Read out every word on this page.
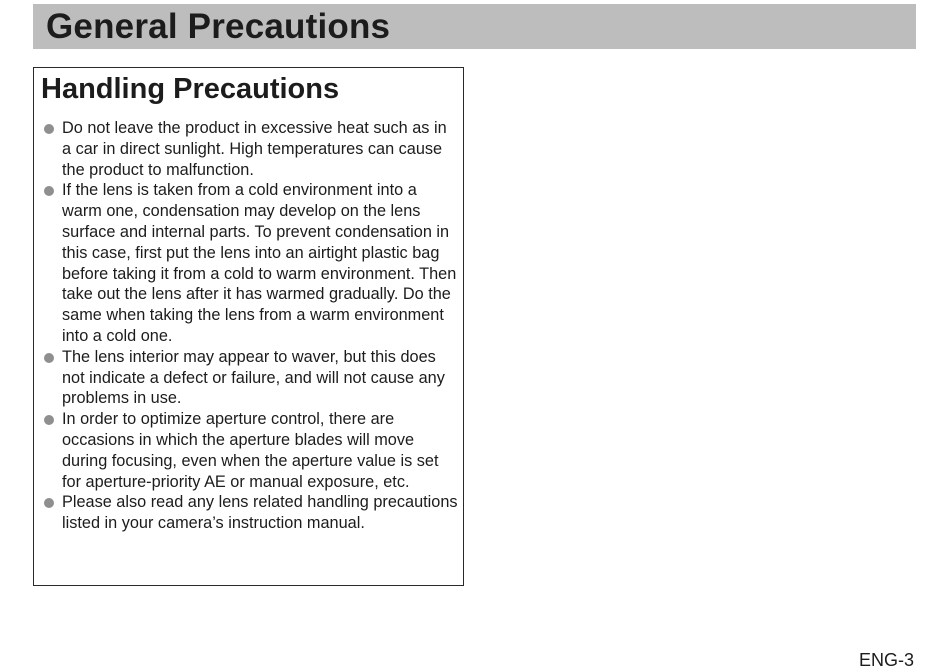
General Precautions
Handling Precautions
Do not leave the product in excessive heat such as in a car in direct sunlight. High temperatures can cause the product to malfunction.
If the lens is taken from a cold environment into a warm one, condensation may develop on the lens surface and internal parts. To prevent condensation in this case, first put the lens into an airtight plastic bag before taking it from a cold to warm environment. Then take out the lens after it has warmed gradually. Do the same when taking the lens from a warm environment into a cold one.
The lens interior may appear to waver, but this does not indicate a defect or failure, and will not cause any problems in use.
In order to optimize aperture control, there are occasions in which the aperture blades will move during focusing, even when the aperture value is set for aperture-priority AE or manual exposure, etc.
Please also read any lens related handling precautions listed in your camera’s instruction manual.
ENG-3
